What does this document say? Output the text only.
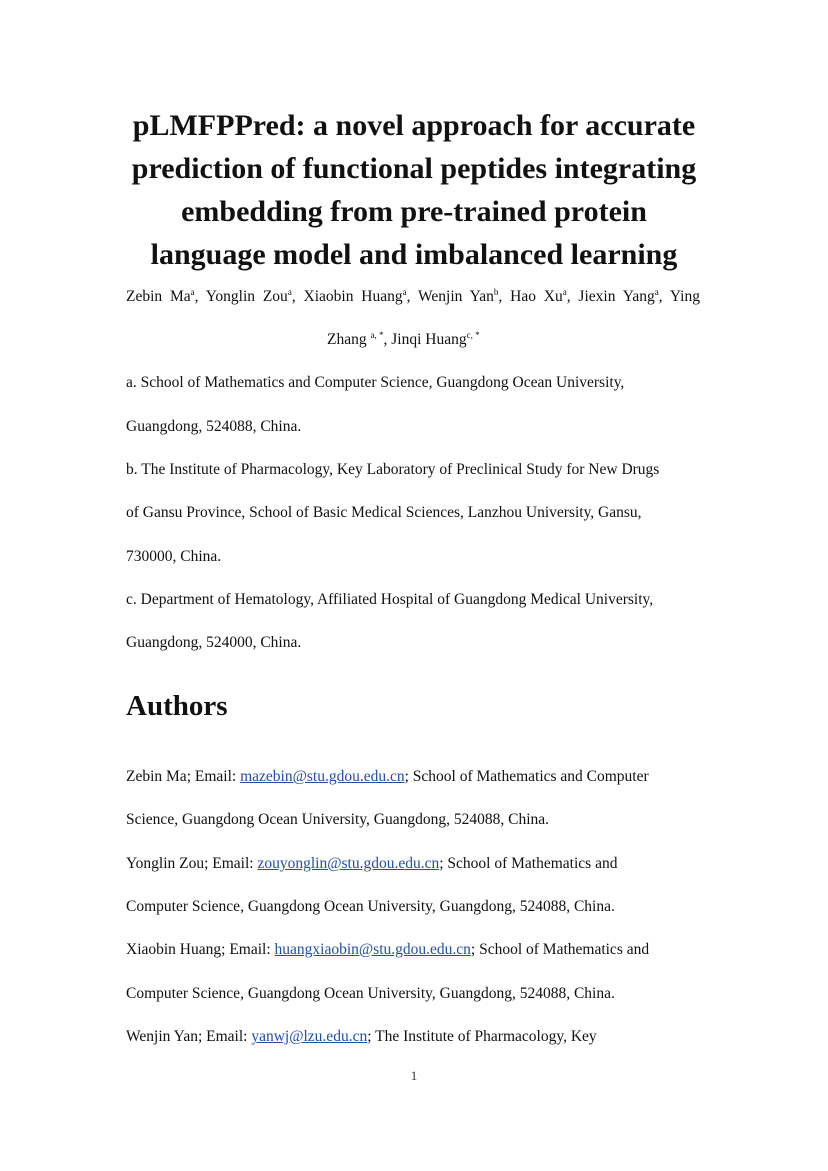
pLMFPPred: a novel approach for accurate
prediction of functional peptides integrating
embedding from pre-trained protein
language model and imbalanced learning

Zebin Ma$^a$, Yonglin Zou$^a$, Xiaobin Huang$^a$, Wenjin Yan$^b$, Hao Xu$^a$, Jiexin Yang$^a$, Ying

Zhang $^{a, *}$, Jinqi Huang$^{c, *}$

a. School of Mathematics and Computer Science, Guangdong Ocean University,

Guangdong, 524088, China.

b. The Institute of Pharmacology, Key Laboratory of Preclinical Study for New Drugs

of Gansu Province, School of Basic Medical Sciences, Lanzhou University, Gansu,

730000, China.

c. Department of Hematology, Affiliated Hospital of Guangdong Medical University,

Guangdong, 524000, China.

Authors

Zebin Ma; Email: mazebin@stu.gdou.edu.cn; School of Mathematics and Computer

Science, Guangdong Ocean University, Guangdong, 524088, China.

Yonglin Zou; Email: zouyonglin@stu.gdou.edu.cn; School of Mathematics and

Computer Science, Guangdong Ocean University, Guangdong, 524088, China.

Xiaobin Huang; Email: huangxiaobin@stu.gdou.edu.cn; School of Mathematics and

Computer Science, Guangdong Ocean University, Guangdong, 524088, China.

Wenjin Yan; Email: yanwj@lzu.edu.cn; The Institute of Pharmacology, Key

1
